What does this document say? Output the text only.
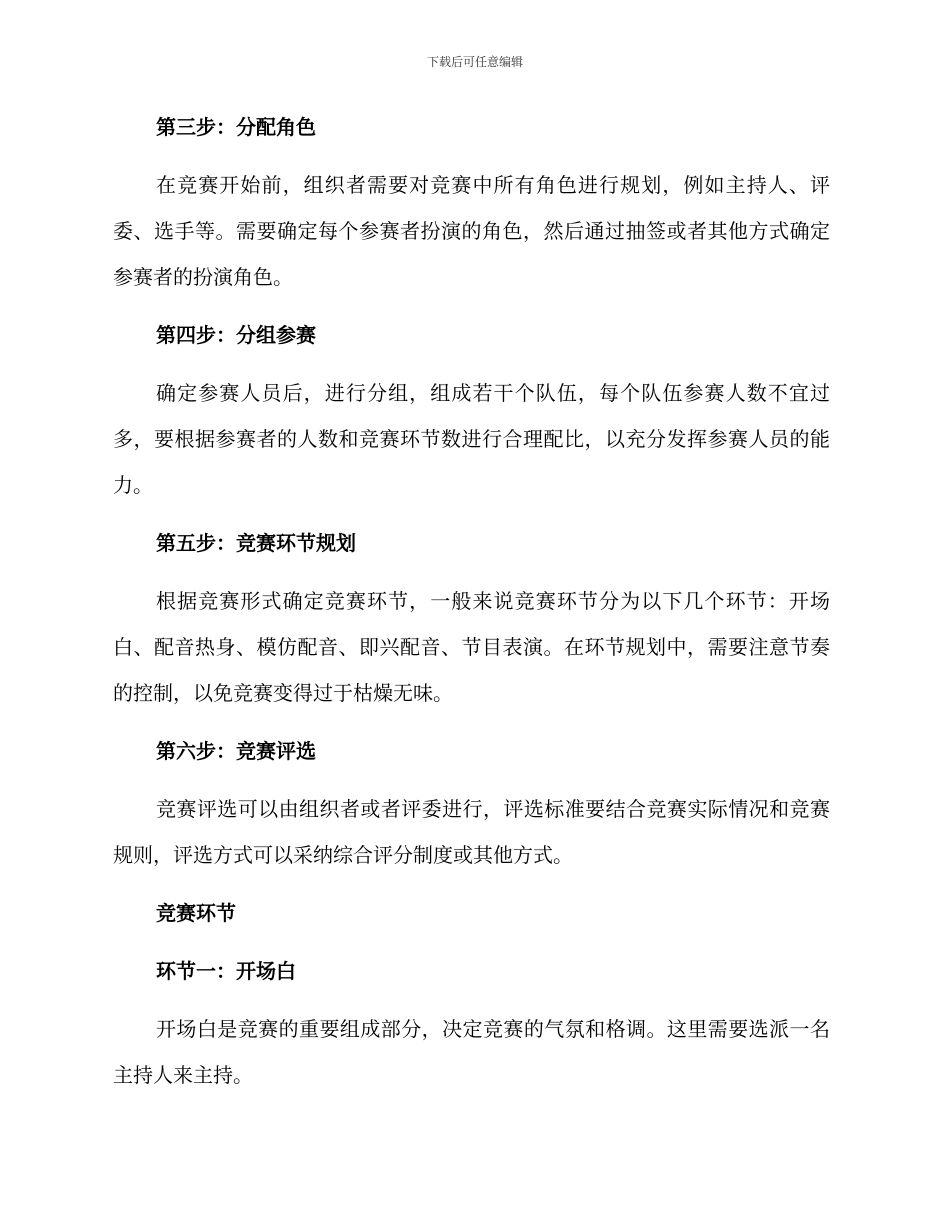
下载后可任意编辑
第三步：分配角色

在竞赛开始前，组织者需要对竞赛中所有角色进行规划，例如主持人、评委、选手等。需要确定每个参赛者扮演的角色，然后通过抽签或者其他方式确定参赛者的扮演角色。

第四步：分组参赛

确定参赛人员后，进行分组，组成若干个队伍，每个队伍参赛人数不宜过多，要根据参赛者的人数和竞赛环节数进行合理配比，以充分发挥参赛人员的能力。

第五步：竞赛环节规划

根据竞赛形式确定竞赛环节，一般来说竞赛环节分为以下几个环节：开场白、配音热身、模仿配音、即兴配音、节目表演。在环节规划中，需要注意节奏的控制，以免竞赛变得过于枯燥无味。

第六步：竞赛评选

竞赛评选可以由组织者或者评委进行，评选标准要结合竞赛实际情况和竞赛规则，评选方式可以采纳综合评分制度或其他方式。

竞赛环节
环节一：开场白

开场白是竞赛的重要组成部分，决定竞赛的气氛和格调。这里需要选派一名主持人来主持。
